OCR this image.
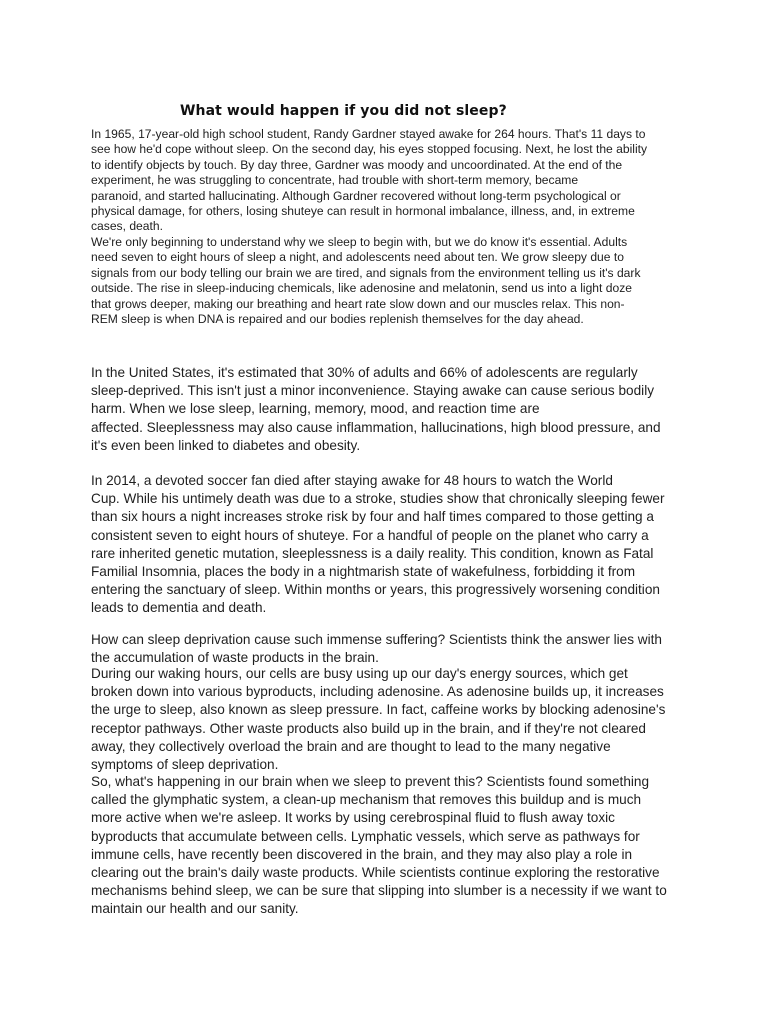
What would happen if you did not sleep?

In 1965, 17-year-old high school student, Randy Gardner stayed awake for 264 hours. That's 11 days to
see how he'd cope without sleep. On the second day, his eyes stopped focusing. Next, he lost the ability
to identify objects by touch. By day three, Gardner was moody and uncoordinated. At the end of the
experiment, he was struggling to concentrate, had trouble with short-term memory, became
paranoid, and started hallucinating. Although Gardner recovered without long-term psychological or
physical damage, for others, losing shuteye can result in hormonal imbalance, illness, and, in extreme
cases, death.

We're only beginning to understand why we sleep to begin with, but we do know it's essential. Adults
need seven to eight hours of sleep a night, and adolescents need about ten. We grow sleepy due to
signals from our body telling our brain we are tired, and signals from the environment telling us it's dark
outside. The rise in sleep-inducing chemicals, like adenosine and melatonin, send us into a light doze
that grows deeper, making our breathing and heart rate slow down and our muscles relax. This non-
REM sleep is when DNA is repaired and our bodies replenish themselves for the day ahead.

In the United States, it's estimated that 30% of adults and 66% of adolescents are regularly
sleep-deprived. This isn't just a minor inconvenience. Staying awake can cause serious bodily
harm. When we lose sleep, learning, memory, mood, and reaction time are
affected. Sleeplessness may also cause inflammation, hallucinations, high blood pressure, and
it's even been linked to diabetes and obesity.

In 2014, a devoted soccer fan died after staying awake for 48 hours to watch the World
Cup. While his untimely death was due to a stroke, studies show that chronically sleeping fewer
than six hours a night increases stroke risk by four and half times compared to those getting a
consistent seven to eight hours of shuteye. For a handful of people on the planet who carry a
rare inherited genetic mutation, sleeplessness is a daily reality. This condition, known as Fatal
Familial Insomnia, places the body in a nightmarish state of wakefulness, forbidding it from
entering the sanctuary of sleep. Within months or years, this progressively worsening condition
leads to dementia and death.

How can sleep deprivation cause such immense suffering? Scientists think the answer lies with
the accumulation of waste products in the brain.

During our waking hours, our cells are busy using up our day's energy sources, which get
broken down into various byproducts, including adenosine. As adenosine builds up, it increases
the urge to sleep, also known as sleep pressure. In fact, caffeine works by blocking adenosine's
receptor pathways. Other waste products also build up in the brain, and if they're not cleared
away, they collectively overload the brain and are thought to lead to the many negative
symptoms of sleep deprivation.

So, what's happening in our brain when we sleep to prevent this? Scientists found something
called the glymphatic system, a clean-up mechanism that removes this buildup and is much
more active when we're asleep. It works by using cerebrospinal fluid to flush away toxic
byproducts that accumulate between cells. Lymphatic vessels, which serve as pathways for
immune cells, have recently been discovered in the brain, and they may also play a role in
clearing out the brain's daily waste products. While scientists continue exploring the restorative
mechanisms behind sleep, we can be sure that slipping into slumber is a necessity if we want to
maintain our health and our sanity.
